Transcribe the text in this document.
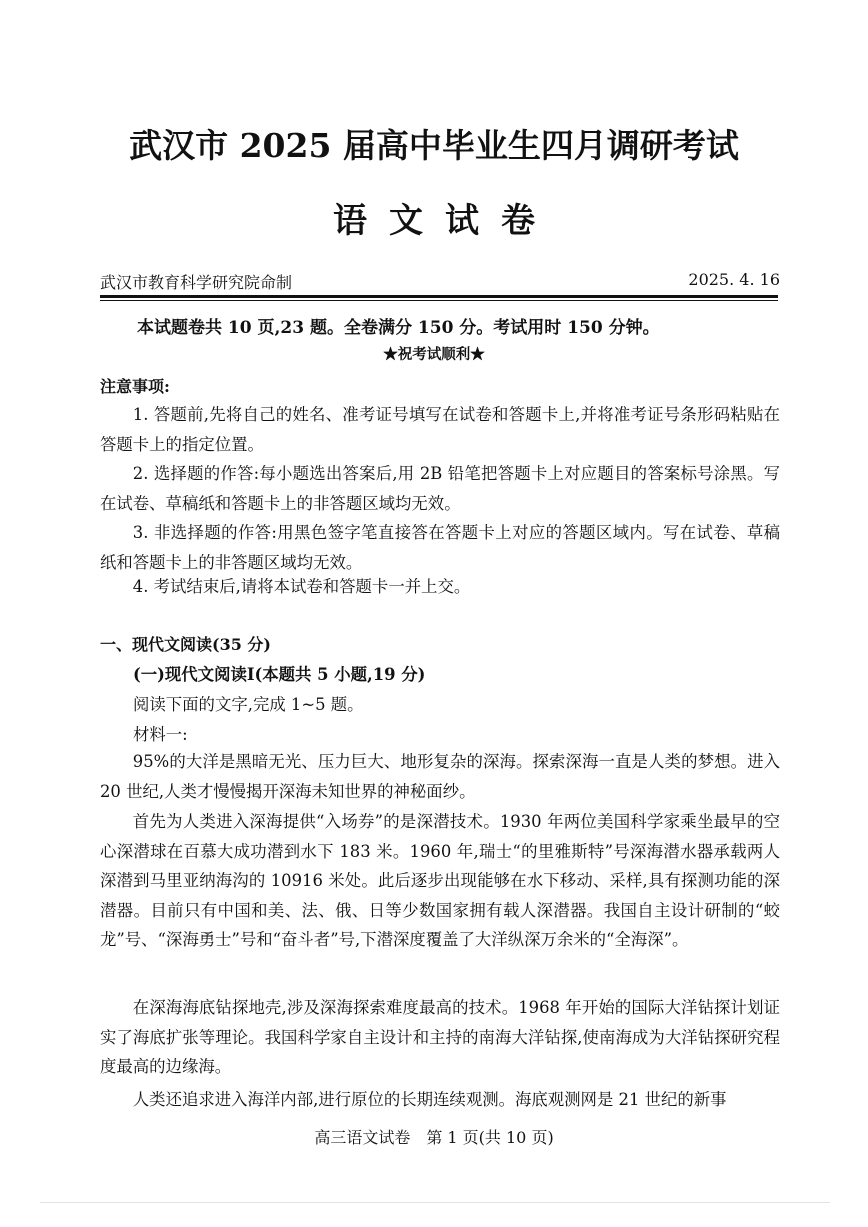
武汉市 2025 届高中毕业生四月调研考试
语文试卷
武汉市教育科学研究院命制	2025. 4. 16
本试题卷共 10 页,23 题。全卷满分 150 分。考试用时 150 分钟。
★祝考试顺利★
注意事项:
1. 答题前,先将自己的姓名、准考证号填写在试卷和答题卡上,并将准考证号条形码粘贴在答题卡上的指定位置。
2. 选择题的作答:每小题选出答案后,用 2B 铅笔把答题卡上对应题目的答案标号涂黑。写在试卷、草稿纸和答题卡上的非答题区域均无效。
3. 非选择题的作答:用黑色签字笔直接答在答题卡上对应的答题区域内。写在试卷、草稿纸和答题卡上的非答题区域均无效。
4. 考试结束后,请将本试卷和答题卡一并上交。
一、现代文阅读(35 分)
(一)现代文阅读Ⅰ(本题共 5 小题,19 分)
阅读下面的文字,完成 1~5 题。
材料一:
95%的大洋是黑暗无光、压力巨大、地形复杂的深海。探索深海一直是人类的梦想。进入 20 世纪,人类才慢慢揭开深海未知世界的神秘面纱。
首先为人类进入深海提供“入场券”的是深潜技术。1930 年两位美国科学家乘坐最早的空心深潜球在百慕大成功潜到水下 183 米。1960 年,瑞士“的里雅斯特”号深海潜水器承载两人深潜到马里亚纳海沟的 10916 米处。此后逐步出现能够在水下移动、采样,具有探测功能的深潜器。目前只有中国和美、法、俄、日等少数国家拥有载人深潜器。我国自主设计研制的“蛟龙”号、“深海勇士”号和“奋斗者”号,下潜深度覆盖了大洋纵深万余米的“全海深”。
在深海海底钻探地壳,涉及深海探索难度最高的技术。1968 年开始的国际大洋钻探计划证实了海底扩张等理论。我国科学家自主设计和主持的南海大洋钻探,使南海成为大洋钻探研究程度最高的边缘海。
人类还追求进入海洋内部,进行原位的长期连续观测。海底观测网是 21 世纪的新事
高三语文试卷　第 1 页(共 10 页)
